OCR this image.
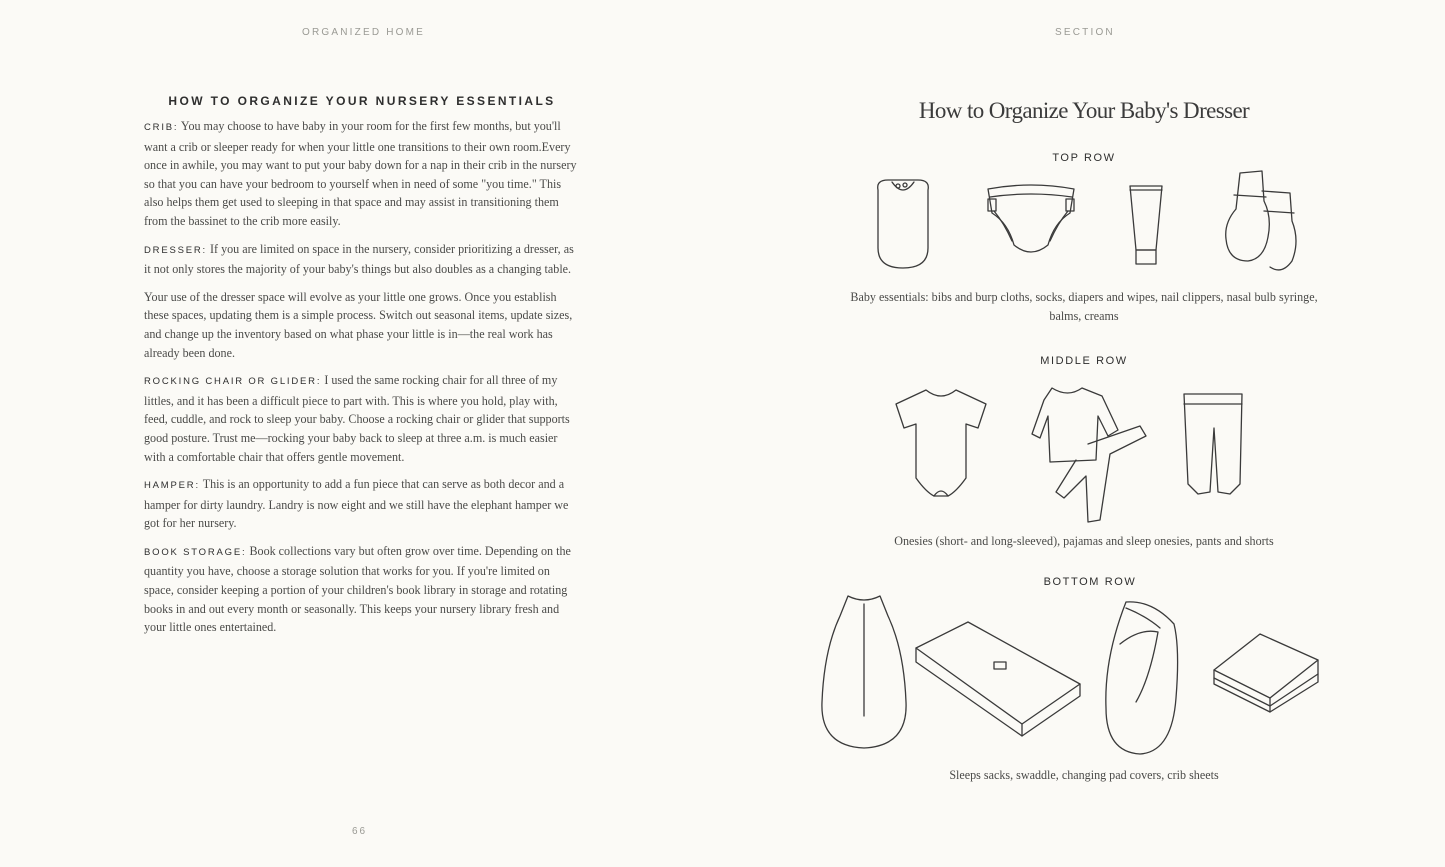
ORGANIZED HOME	SECTION
HOW TO ORGANIZE YOUR NURSERY ESSENTIALS

CRIB: You may choose to have baby in your room for the first few months, but you'll want a crib or sleeper ready for when your little one transitions to their own room.Every once in awhile, you may want to put your baby down for a nap in their crib in the nursery so that you can have your bedroom to yourself when in need of some "you time." This also helps them get used to sleeping in that space and may assist in transitioning them from the bassinet to the crib more easily.

DRESSER: If you are limited on space in the nursery, consider prioritizing a dresser, as it not only stores the majority of your baby's things but also doubles as a changing table.

Your use of the dresser space will evolve as your little one grows. Once you establish these spaces, updating them is a simple process. Switch out seasonal items, update sizes, and change up the inventory based on what phase your little is in—the real work has already been done.

ROCKING CHAIR OR GLIDER: I used the same rocking chair for all three of my littles, and it has been a difficult piece to part with. This is where you hold, play with, feed, cuddle, and rock to sleep your baby. Choose a rocking chair or glider that supports good posture. Trust me—rocking your baby back to sleep at three a.m. is much easier with a comfortable chair that offers gentle movement.

HAMPER: This is an opportunity to add a fun piece that can serve as both decor and a hamper for dirty laundry. Landry is now eight and we still have the elephant hamper we got for her nursery.

BOOK STORAGE: Book collections vary but often grow over time. Depending on the quantity you have, choose a storage solution that works for you. If you're limited on space, consider keeping a portion of your children's book library in storage and rotating books in and out every month or seasonally. This keeps your nursery library fresh and your little ones entertained.

66
How to Organize Your Baby's Dresser
TOP ROW
Baby essentials: bibs and burp cloths, socks, diapers and wipes, nail clippers, nasal bulb syringe, balms, creams
MIDDLE ROW
Onesies (short- and long-sleeved), pajamas and sleep onesies, pants and shorts
BOTTOM ROW
Sleeps sacks, swaddle, changing pad covers, crib sheets
